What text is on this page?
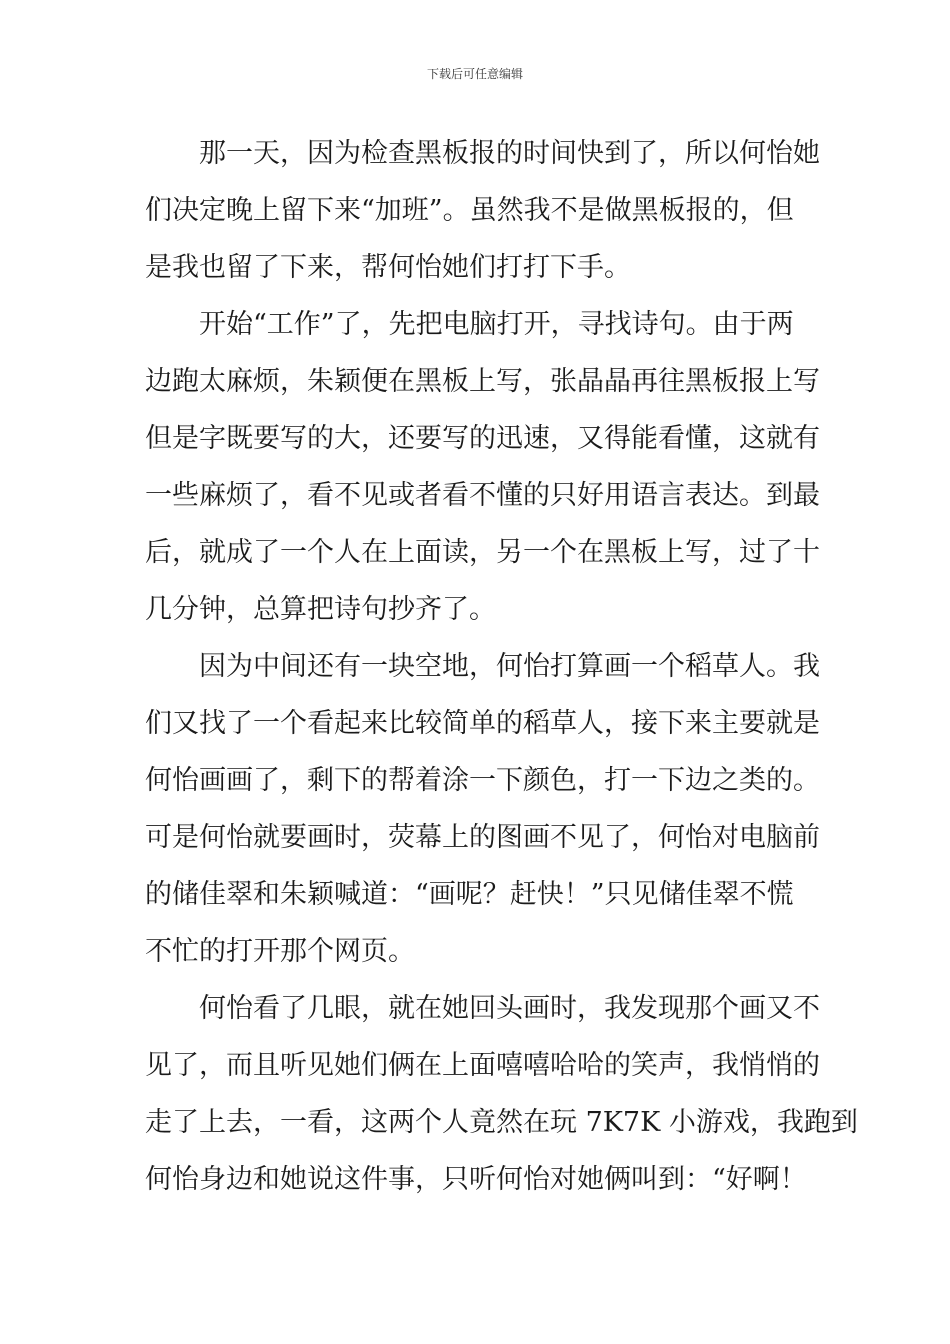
下载后可任意编辑
那一天，因为检查黑板报的时间快到了，所以何怡她
们决定晚上留下来“加班”。虽然我不是做黑板报的，但
是我也留了下来，帮何怡她们打打下手。
开始“工作”了，先把电脑打开，寻找诗句。由于两
边跑太麻烦，朱颖便在黑板上写，张晶晶再往黑板报上写
但是字既要写的大，还要写的迅速，又得能看懂，这就有
一些麻烦了，看不见或者看不懂的只好用语言表达。到最
后，就成了一个人在上面读，另一个在黑板上写，过了十
几分钟，总算把诗句抄齐了。
因为中间还有一块空地，何怡打算画一个稻草人。我
们又找了一个看起来比较简单的稻草人，接下来主要就是
何怡画画了，剩下的帮着涂一下颜色，打一下边之类的。
可是何怡就要画时，荧幕上的图画不见了，何怡对电脑前
的储佳翠和朱颖喊道：“画呢？赶快！”只见储佳翠不慌
不忙的打开那个网页。
何怡看了几眼，就在她回头画时，我发现那个画又不
见了，而且听见她们俩在上面嘻嘻哈哈的笑声，我悄悄的
走了上去，一看，这两个人竟然在玩 7K7K 小游戏，我跑到
何怡身边和她说这件事，只听何怡对她俩叫到：“好啊！
